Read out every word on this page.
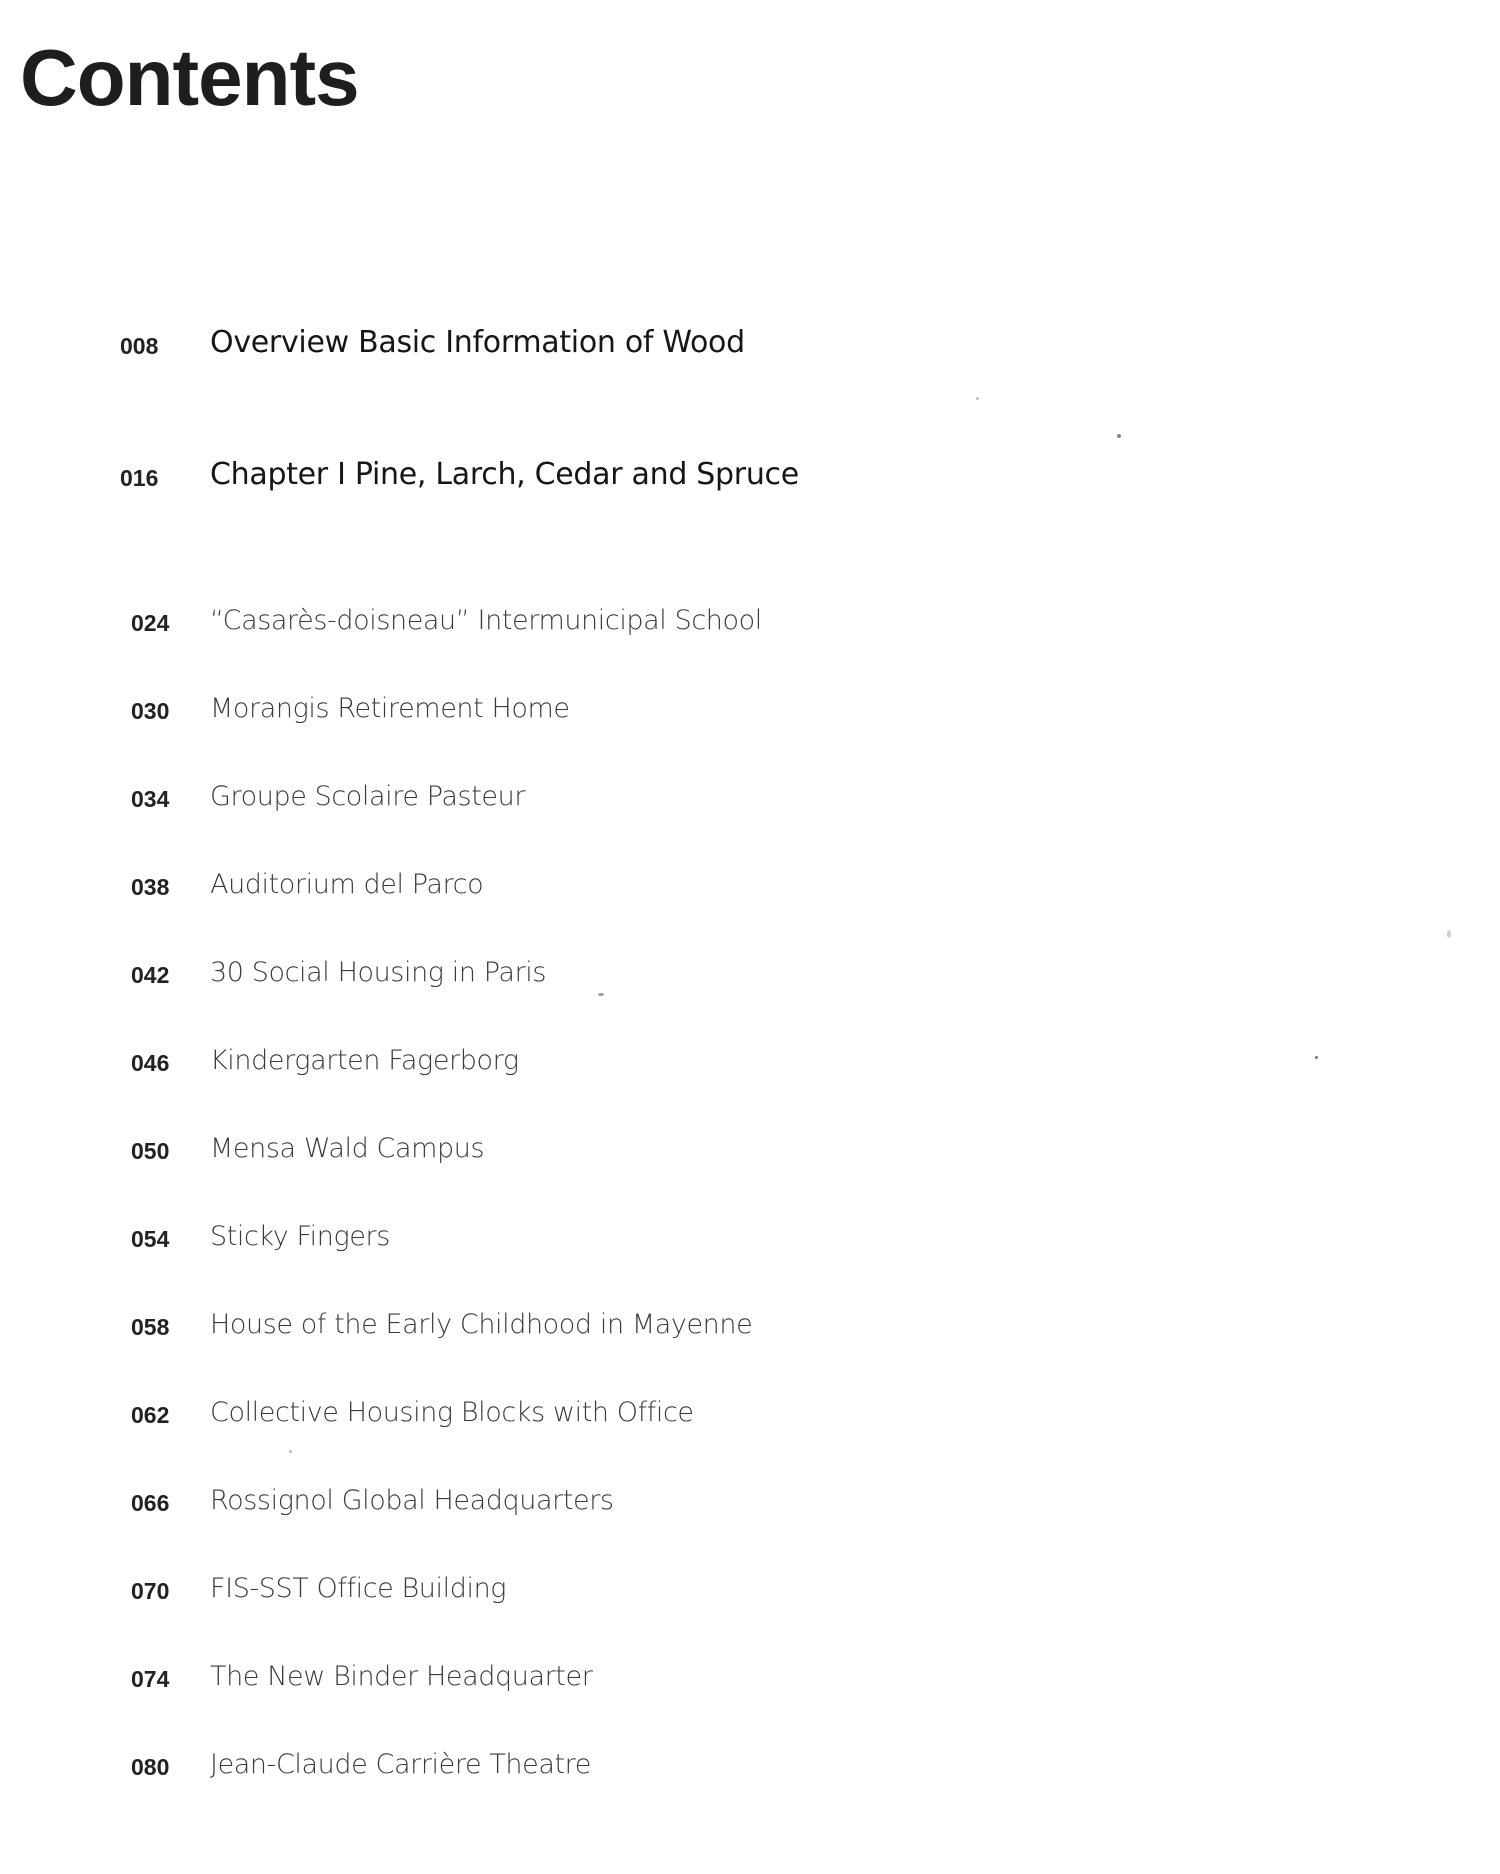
Contents
008 Overview Basic Information of Wood
016 Chapter I Pine, Larch, Cedar and Spruce
024 “Casarès-doisneau” Intermunicipal School
030 Morangis Retirement Home
034 Groupe Scolaire Pasteur
038 Auditorium del Parco
042 30 Social Housing in Paris
046 Kindergarten Fagerborg
050 Mensa Wald Campus
054 Sticky Fingers
058 House of the Early Childhood in Mayenne
062 Collective Housing Blocks with Office
066 Rossignol Global Headquarters
070 FIS-SST Office Building
074 The New Binder Headquarter
080 Jean-Claude Carrière Theatre
